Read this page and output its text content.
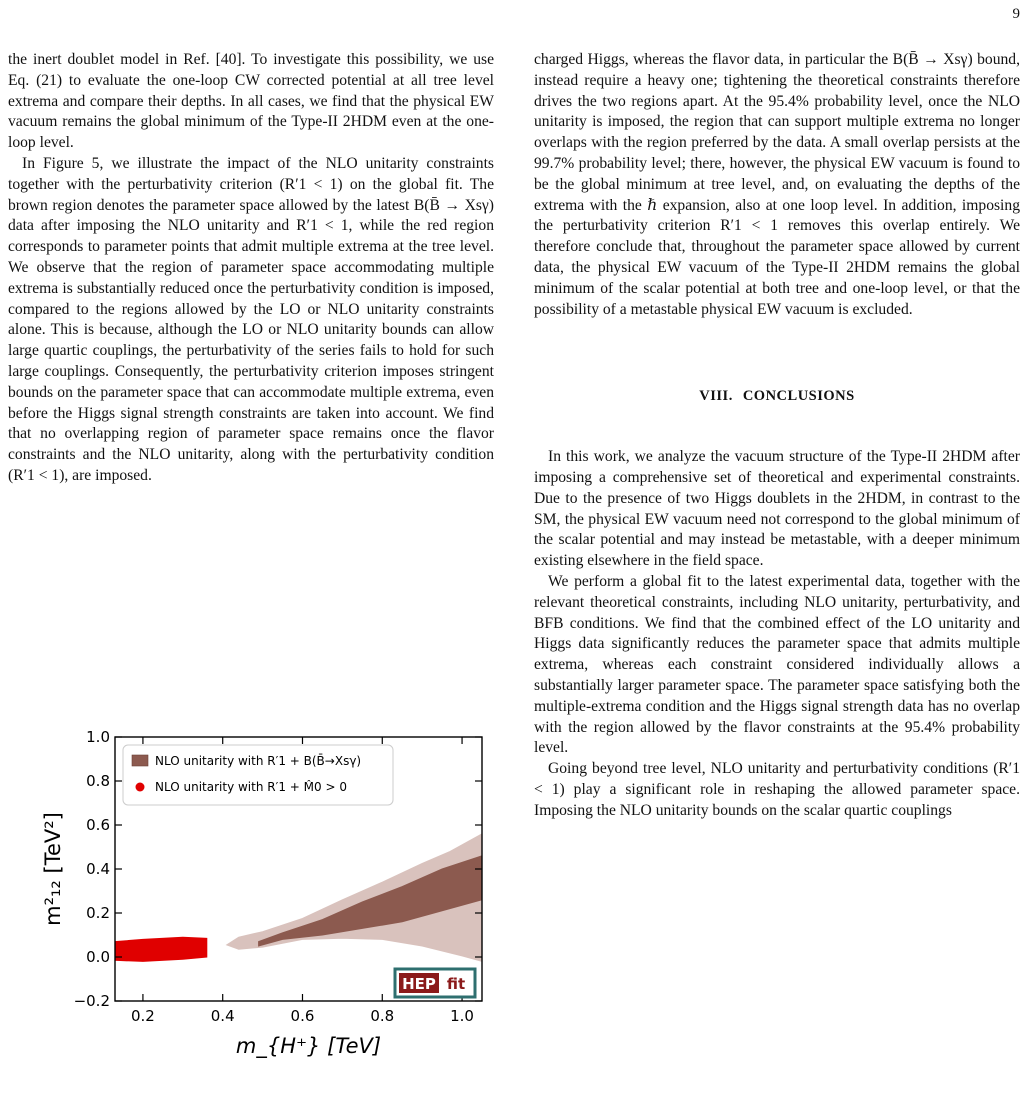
9

the inert doublet model in Ref. [40]. To investigate this possibility, we use Eq. (21) to evaluate the one-loop CW corrected potential at all tree level extrema and compare their depths. In all cases, we find that the physical EW vacuum remains the global minimum of the Type-II 2HDM even at the one-loop level.

In Figure 5, we illustrate the impact of the NLO unitarity constraints together with the perturbativity criterion (R′1 < 1) on the global fit. The brown region denotes the parameter space allowed by the latest B(B̄ → Xsγ) data after imposing the NLO unitarity and R′1 < 1, while the red region corresponds to parameter points that admit multiple extrema at the tree level. We observe that the region of parameter space accommodating multiple extrema is substantially reduced once the perturbativity condition is imposed, compared to the regions allowed by the LO or NLO unitarity constraints alone. This is because, although the LO or NLO unitarity bounds can allow large quartic couplings, the perturbativity of the series fails to hold for such large couplings. Consequently, the perturbativity criterion imposes stringent bounds on the parameter space that can accommodate multiple extrema, even before the Higgs signal strength constraints are taken into account. We find that no overlapping region of parameter space remains once the flavor constraints and the NLO unitarity, along with the perturbativity condition (R′1 < 1), are imposed.

0.2	0.4	0.6	0.8	1.0
−0.2
0.0
0.2
0.4
0.6
0.8
1.0
m_{H⁺} [TeV]
m²₁₂ [TeV²]
NLO unitarity with R′1 + B(B̄→Xsγ)
NLO unitarity with R′1 + M̂0 > 0
HEP fit

charged Higgs, whereas the flavor data, in particular the B(B̄ → Xsγ) bound, instead require a heavy one; tightening the theoretical constraints therefore drives the two regions apart. At the 95.4% probability level, once the NLO unitarity is imposed, the region that can support multiple extrema no longer overlaps with the region preferred by the data. A small overlap persists at the 99.7% probability level; there, however, the physical EW vacuum is found to be the global minimum at tree level, and, on evaluating the depths of the extrema with the ℏ expansion, also at one loop level. In addition, imposing the perturbativity criterion R′1 < 1 removes this overlap entirely. We therefore conclude that, throughout the parameter space allowed by current data, the physical EW vacuum of the Type-II 2HDM remains the global minimum of the scalar potential at both tree and one-loop level, or that the possibility of a metastable physical EW vacuum is excluded.

VIII. CONCLUSIONS

In this work, we analyze the vacuum structure of the Type-II 2HDM after imposing a comprehensive set of theoretical and experimental constraints. Due to the presence of two Higgs doublets in the 2HDM, in contrast to the SM, the physical EW vacuum need not correspond to the global minimum of the scalar potential and may instead be metastable, with a deeper minimum existing elsewhere in the field space.

We perform a global fit to the latest experimental data, together with the relevant theoretical constraints, including NLO unitarity, perturbativity, and BFB conditions. We find that the combined effect of the LO unitarity and Higgs data significantly reduces the parameter space that admits multiple extrema, whereas each constraint considered individually allows a substantially larger parameter space. The parameter space satisfying both the multiple-extrema condition and the Higgs signal strength data has no overlap with the region allowed by the flavor constraints at the 95.4% probability level.

Going beyond tree level, NLO unitarity and perturbativity conditions (R′1 < 1) play a significant role in reshaping the allowed parameter space. Imposing the NLO unitarity bounds on the scalar quartic couplings
